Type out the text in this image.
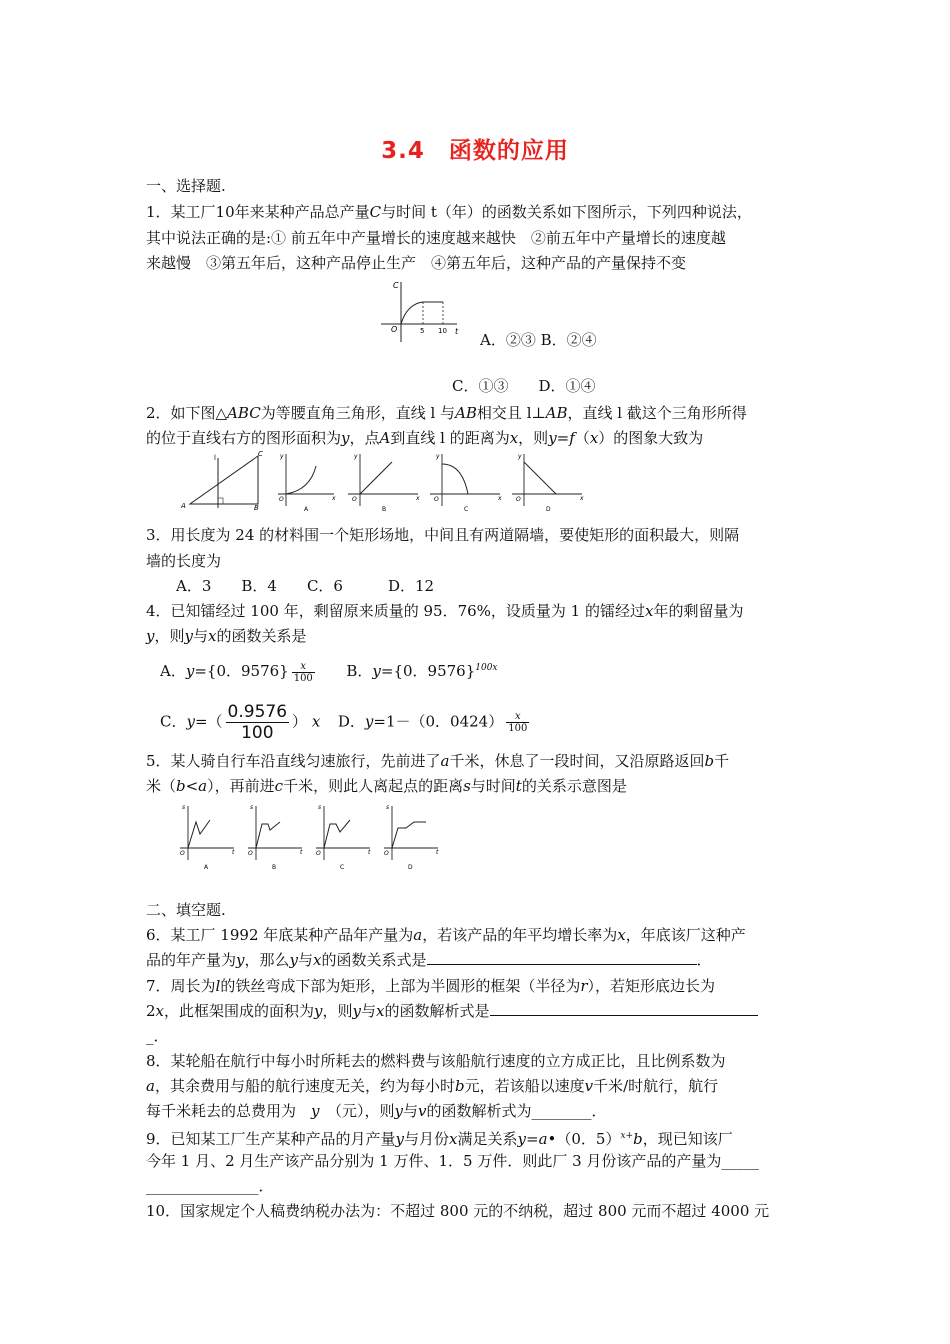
3.4　函数的应用
一、选择题.
1．某工厂10年来某种产品总产量C与时间 t（年）的函数关系如下图所示，下列四种说法，
其中说法正确的是:① 前五年中产量增长的速度越来越快　②前五年中产量增长的速度越
来越慢　③第五年后，这种产品停止生产　④第五年后，这种产品的产量保持不变
C
t
O	5 10 A．②③ B．②④
C．①③　　D．①④
2．如下图△ABC为等腰直角三角形，直线 l 与AB相交且 l⊥AB，直线 l 截这个三角形所得
的位于直线右方的图形面积为y，点A到直线 l 的距离为x，则y=f（x）的图象大致为
l
A	B
C	y
x
O
A
y
x
O
B
y
x
O
C
y
x
O
D
3．用长度为 24 的材料围一个矩形场地，中间且有两道隔墙，要使矩形的面积最大，则隔
墙的长度为
A．3　　B．4　　C．6　　　D．12
4．已知镭经过 100 年，剩留原来质量的 95．76%，设质量为 1 的镭经过x年的剩留量为
y，则y与x的函数关系是
A．y={0．$9576\} \frac{x}{100}$ B．y={0．9576}$^{100x}$
C．$y=( \frac{0.9576}{100}$ ） x D．y=1－（0．$0424) \frac{x}{100}$
5．某人骑自行车沿直线匀速旅行，先前进了a千米，休息了一段时间，又沿原路返回b千
米（b<a），再前进c千米，则此人离起点的距离s与时间t的关系示意图是
s
t
O
A
s
t
O
B
s
t
O
C
s
t
O
D
二、填空题.
6．某工厂 1992 年底某种产品年产量为a，若该产品的年平均增长率为x，年底该厂这种产
品的年产量为y，那么y与x的函数关系式是	．
7．周长为l的铁丝弯成下部为矩形，上部为半圆形的框架（半径为r），若矩形底边长为
2x，此框架围成的面积为y，则y与x的函数解析式是
_．
8．某轮船在航行中每小时所耗去的燃料费与该船航行速度的立方成正比，且比例系数为
a，其余费用与船的航行速度无关，约为每小时b元，若该船以速度v千米/时航行，航行
每千米耗去的总费用为　y　（元），则y与v的函数解析式为________．
9．已知某工厂生产某种产品的月产量y与月份x满足关系y=a•（0．5）$^{x+}$b，现已知该厂
今年 1 月、2 月生产该产品分别为 1 万件、1．5 万件．则此厂 3 月份该产品的产量为_____
_______________．
10．国家规定个人稿费纳税办法为：不超过 800 元的不纳税，超过 800 元而不超过 4000 元
